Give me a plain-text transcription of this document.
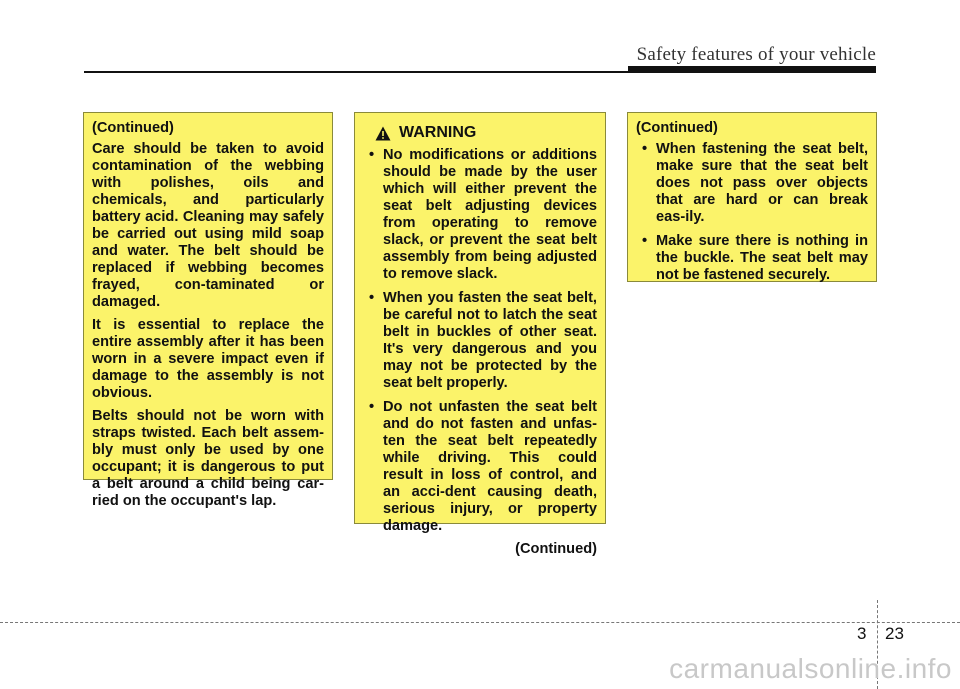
Safety features of your vehicle
(Continued)

Care should be taken to avoid contamination of the webbing with polishes, oils and chemicals, and particularly battery acid. Cleaning may safely be carried out using mild soap and water. The belt should be replaced if webbing becomes frayed, con-taminated or damaged.

It is essential to replace the entire assembly after it has been worn in a severe impact even if damage to the assembly is not obvious.

Belts should not be worn with straps twisted. Each belt assem-bly must only be used by one occupant; it is dangerous to put a belt around a child being car-ried on the occupant's lap.

WARNING
• No modifications or additions should be made by the user which will either prevent the seat belt adjusting devices from operating to remove slack, or prevent the seat belt assembly from being adjusted to remove slack.
• When you fasten the seat belt, be careful not to latch the seat belt in buckles of other seat. It's very dangerous and you may not be protected by the seat belt properly.
• Do not unfasten the seat belt and do not fasten and unfas-ten the seat belt repeatedly while driving. This could result in loss of control, and an acci-dent causing death, serious injury, or property damage.
(Continued)
(Continued)
• When fastening the seat belt, make sure that the seat belt does not pass over objects that are hard or can break eas-ily.
• Make sure there is nothing in the buckle. The seat belt may not be fastened securely.
3 23
carmanualsonline.info
